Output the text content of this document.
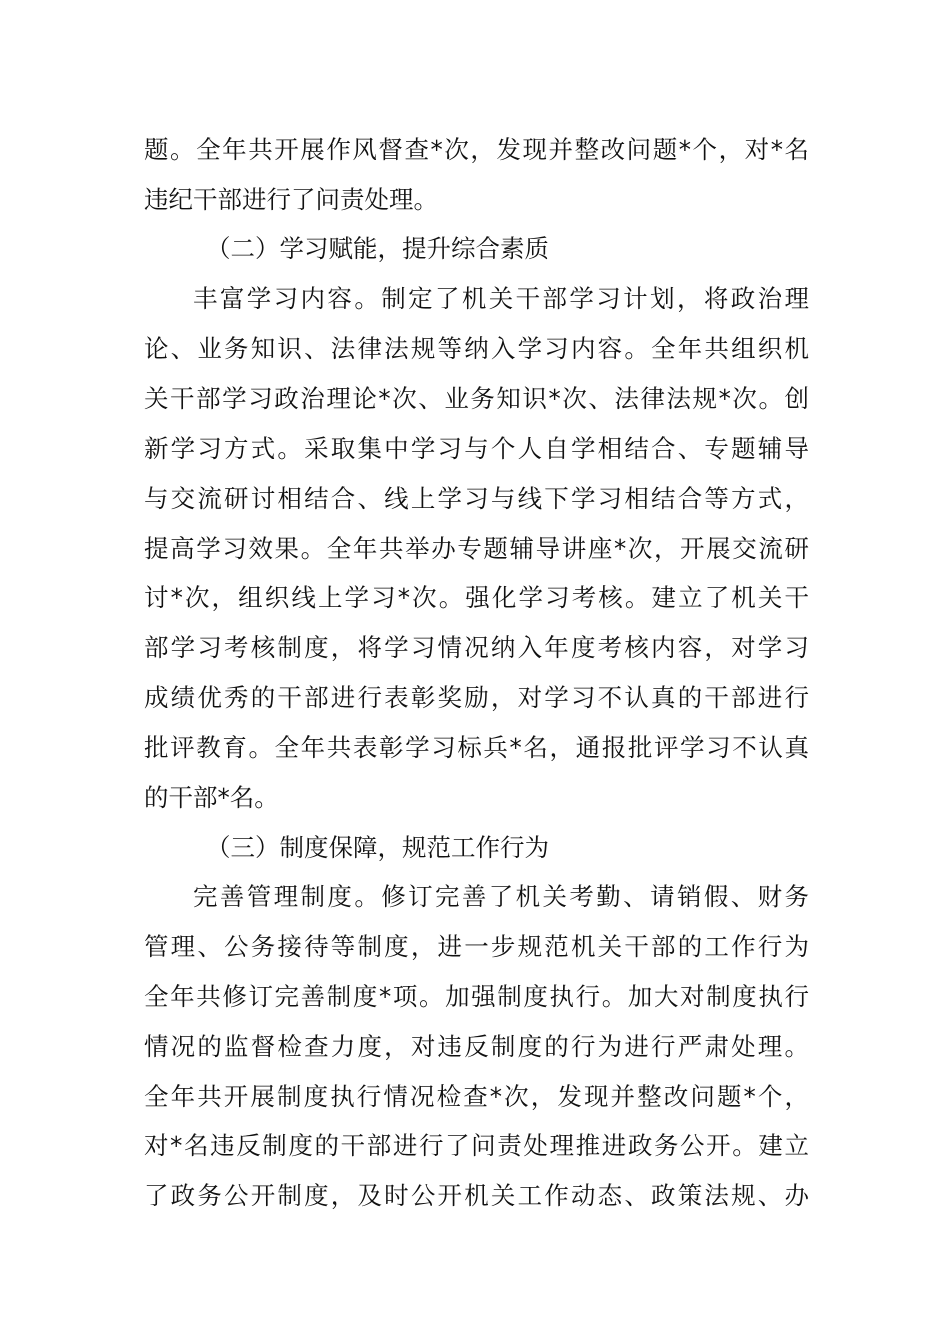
题。全年共开展作风督查*次，发现并整改问题*个，对*名
违纪干部进行了问责处理。
（二）学习赋能，提升综合素质
丰富学习内容。制定了机关干部学习计划，将政治理
论、业务知识、法律法规等纳入学习内容。全年共组织机
关干部学习政治理论*次、业务知识*次、法律法规*次。创
新学习方式。采取集中学习与个人自学相结合、专题辅导
与交流研讨相结合、线上学习与线下学习相结合等方式，
提高学习效果。全年共举办专题辅导讲座*次，开展交流研
讨*次，组织线上学习*次。强化学习考核。建立了机关干
部学习考核制度，将学习情况纳入年度考核内容，对学习
成绩优秀的干部进行表彰奖励，对学习不认真的干部进行
批评教育。全年共表彰学习标兵*名，通报批评学习不认真
的干部*名。
（三）制度保障，规范工作行为
完善管理制度。修订完善了机关考勤、请销假、财务
管理、公务接待等制度，进一步规范机关干部的工作行为
全年共修订完善制度*项。加强制度执行。加大对制度执行
情况的监督检查力度，对违反制度的行为进行严肃处理。
全年共开展制度执行情况检查*次，发现并整改问题*个，
对*名违反制度的干部进行了问责处理推进政务公开。建立
了政务公开制度，及时公开机关工作动态、政策法规、办
